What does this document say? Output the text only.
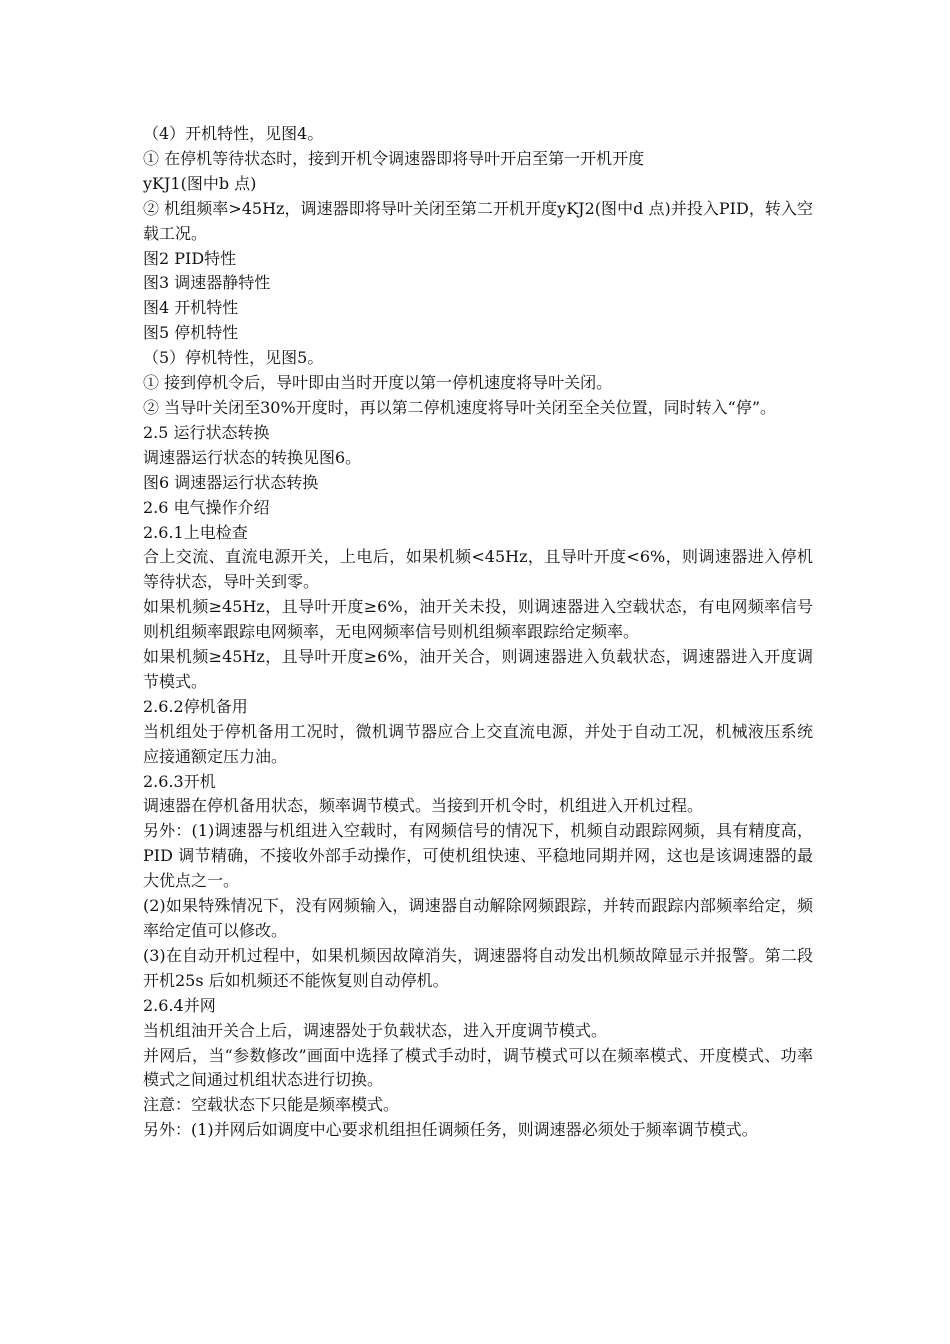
（4）开机特性，见图4。

① 在停机等待状态时，接到开机令调速器即将导叶开启至第一开机开度

yKJ1(图中b 点)

② 机组频率>45Hz，调速器即将导叶关闭至第二开机开度yKJ2(图中d 点)并投入PID，转入空载工况。

图2 PID特性

图3 调速器静特性

图4 开机特性

图5 停机特性

（5）停机特性，见图5。

① 接到停机令后，导叶即由当时开度以第一停机速度将导叶关闭。

② 当导叶关闭至30%开度时，再以第二停机速度将导叶关闭至全关位置，同时转入“停”。

2.5 运行状态转换

调速器运行状态的转换见图6。

图6 调速器运行状态转换

2.6 电气操作介绍

2.6.1上电检查

合上交流、直流电源开关，上电后，如果机频<45Hz，且导叶开度<6%，则调速器进入停机等待状态，导叶关到零。

如果机频≥45Hz，且导叶开度≥6%，油开关未投，则调速器进入空载状态，有电网频率信号则机组频率跟踪电网频率，无电网频率信号则机组频率跟踪给定频率。

如果机频≥45Hz，且导叶开度≥6%，油开关合，则调速器进入负载状态，调速器进入开度调节模式。

2.6.2停机备用

当机组处于停机备用工况时，微机调节器应合上交直流电源，并处于自动工况，机械液压系统应接通额定压力油。

2.6.3开机

调速器在停机备用状态，频率调节模式。当接到开机令时，机组进入开机过程。

另外：(1)调速器与机组进入空载时，有网频信号的情况下，机频自动跟踪网频，具有精度高，PID 调节精确，不接收外部手动操作，可使机组快速、平稳地同期并网，这也是该调速器的最大优点之一。

(2)如果特殊情况下，没有网频输入，调速器自动解除网频跟踪，并转而跟踪内部频率给定，频率给定值可以修改。

(3)在自动开机过程中，如果机频因故障消失，调速器将自动发出机频故障显示并报警。第二段开机25s 后如机频还不能恢复则自动停机。

2.6.4并网

当机组油开关合上后，调速器处于负载状态，进入开度调节模式。

并网后，当“参数修改”画面中选择了模式手动时，调节模式可以在频率模式、开度模式、功率模式之间通过机组状态进行切换。

注意：空载状态下只能是频率模式。

另外：(1)并网后如调度中心要求机组担任调频任务，则调速器必须处于频率调节模式。
